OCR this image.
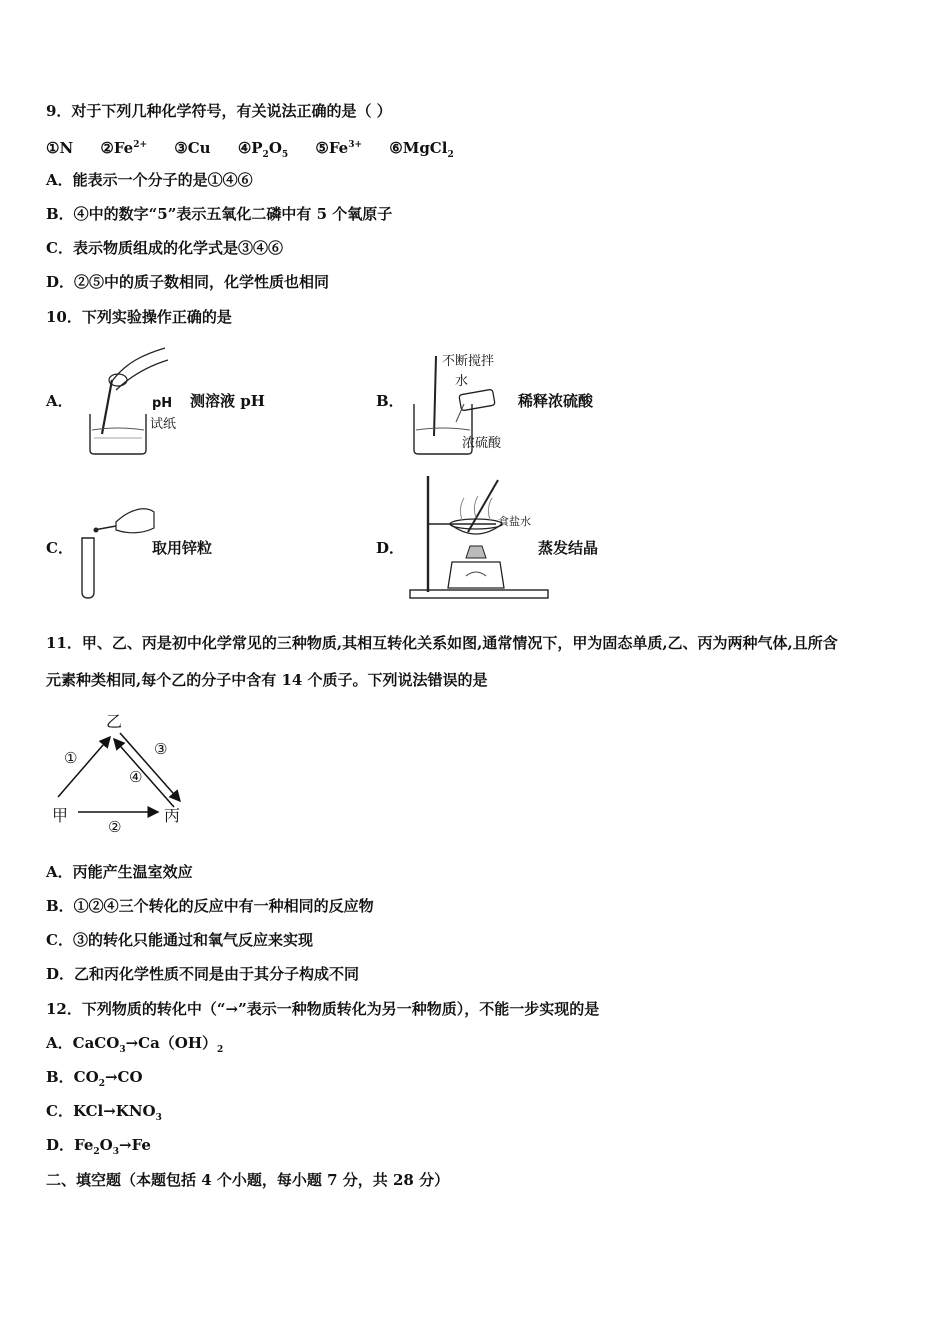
9．对于下列几种化学符号，有关说法正确的是（ ）
①N $②Fe^{2+}$ ③Cu $④P_2O_5$ $⑤Fe^{3+}$ ⑥MgCl$_2$
A．能表示一个分子的是①④⑥
B．④中的数字“5”表示五氧化二磷中有 5 个氧原子
C．表示物质组成的化学式是③④⑥
D．②⑤中的质子数相同，化学性质也相同
10．下列实验操作正确的是
A．	pH
试纸
测溶液 pH	B．
不断搅拌
水
浓硫酸
稀释浓硫酸
C．	取用锌粒	D．
食盐水
蒸发结晶
11．甲、乙、丙是初中化学常见的三种物质,其相互转化关系如图,通常情况下，甲为固态单质,乙、丙为两种气体,且所含
元素种类相同,每个乙的分子中含有 14 个质子。下列说法错误的是
乙
甲	丙
①
②
③
④
A．丙能产生温室效应
B．①②④三个转化的反应中有一种相同的反应物
C．③的转化只能通过和氧气反应来实现
D．乙和丙化学性质不同是由于其分子构成不同
12．下列物质的转化中（“→”表示一种物质转化为另一种物质），不能一步实现的是
A．$CaCO_3\to Ca(OH)_2$
B．$CO_2\to CO$
C．$KCl\to KNO_3$
D．$Fe_2O_3\to Fe$
二、填空题（本题包括 4 个小题，每小题 7 分，共 28 分）
